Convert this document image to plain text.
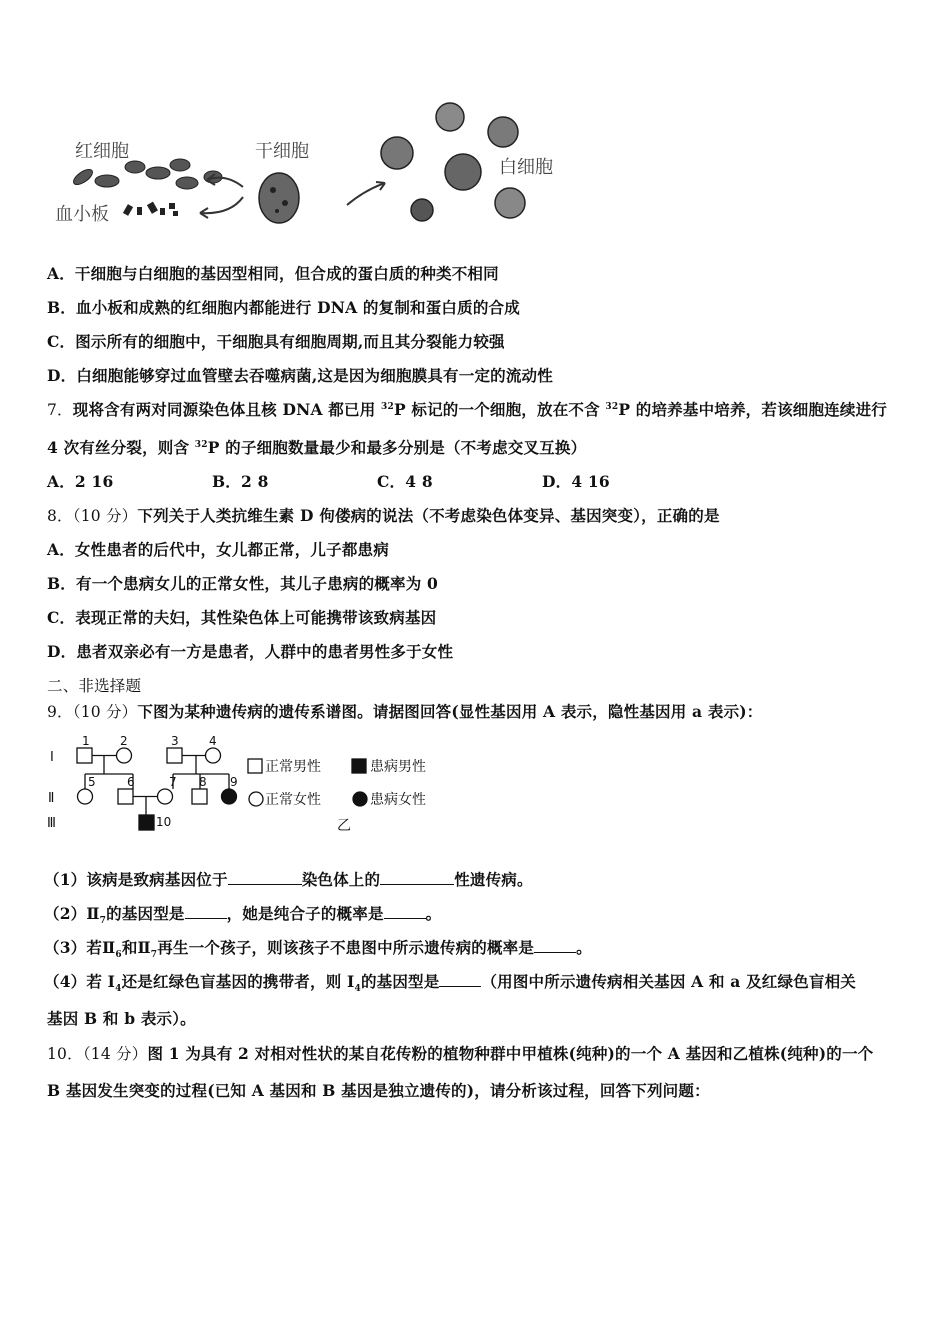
红细胞
血小板
干细胞
白细胞
A．干细胞与白细胞的基因型相同，但合成的蛋白质的种类不相同
B．血小板和成熟的红细胞内都能进行 DNA 的复制和蛋白质的合成
C．图示所有的细胞中，干细胞具有细胞周期,而且其分裂能力较强
D．白细胞能够穿过血管壁去吞噬病菌,这是因为细胞膜具有一定的流动性
7．现将含有两对同源染色体且核 DNA 都已用 $^{32}$P 标记的一个细胞，放在不含 $^{32}$P 的培养基中培养，若该细胞连续进行
4 次有丝分裂，则含 $^{32}$P 的子细胞数量最少和最多分别是（不考虑交叉互换）
A．2 16	B．2 8	C．4 8	D．4 16
8．（10 分）下列关于人类抗维生素 D 佝偻病的说法（不考虑染色体变异、基因突变），正确的是
A．女性患者的后代中，女儿都正常，儿子都患病
B．有一个患病女儿的正常女性，其儿子患病的概率为 0
C．表现正常的夫妇，其性染色体上可能携带该致病基因
D．患者双亲必有一方是患者，人群中的患者男性多于女性
二、非选择题
9．（10 分）下图为某种遗传病的遗传系谱图。请据图回答(显性基因用 A 表示，隐性基因用 a 表示)：
Ⅰ
Ⅱ
Ⅲ
1	2	3	4
5	6	7 8 9
10
正常男性	患病男性
正常女性	患病女性
乙
（1）该病是致病基因位于	染色体上的	性遗传病。
$(2)Ⅱ_7$的基因型是	，她是纯合子的概率是	。
（3）若$Ⅱ_6$和$Ⅱ_7$再生一个孩子，则该孩子不患图中所示遗传病的概率是	。
（4）若 $I_4$还是红绿色盲基因的携带者，则 $I_4$的基因型是	（用图中所示遗传病相关基因 A 和 a 及红绿色盲相关
基因 B 和 b 表示）。
10．（14 分）图 1 为具有 2 对相对性状的某自花传粉的植物种群中甲植株(纯种)的一个 A 基因和乙植株(纯种)的一个
B 基因发生突变的过程(已知 A 基因和 B 基因是独立遗传的)，请分析该过程，回答下列问题：
